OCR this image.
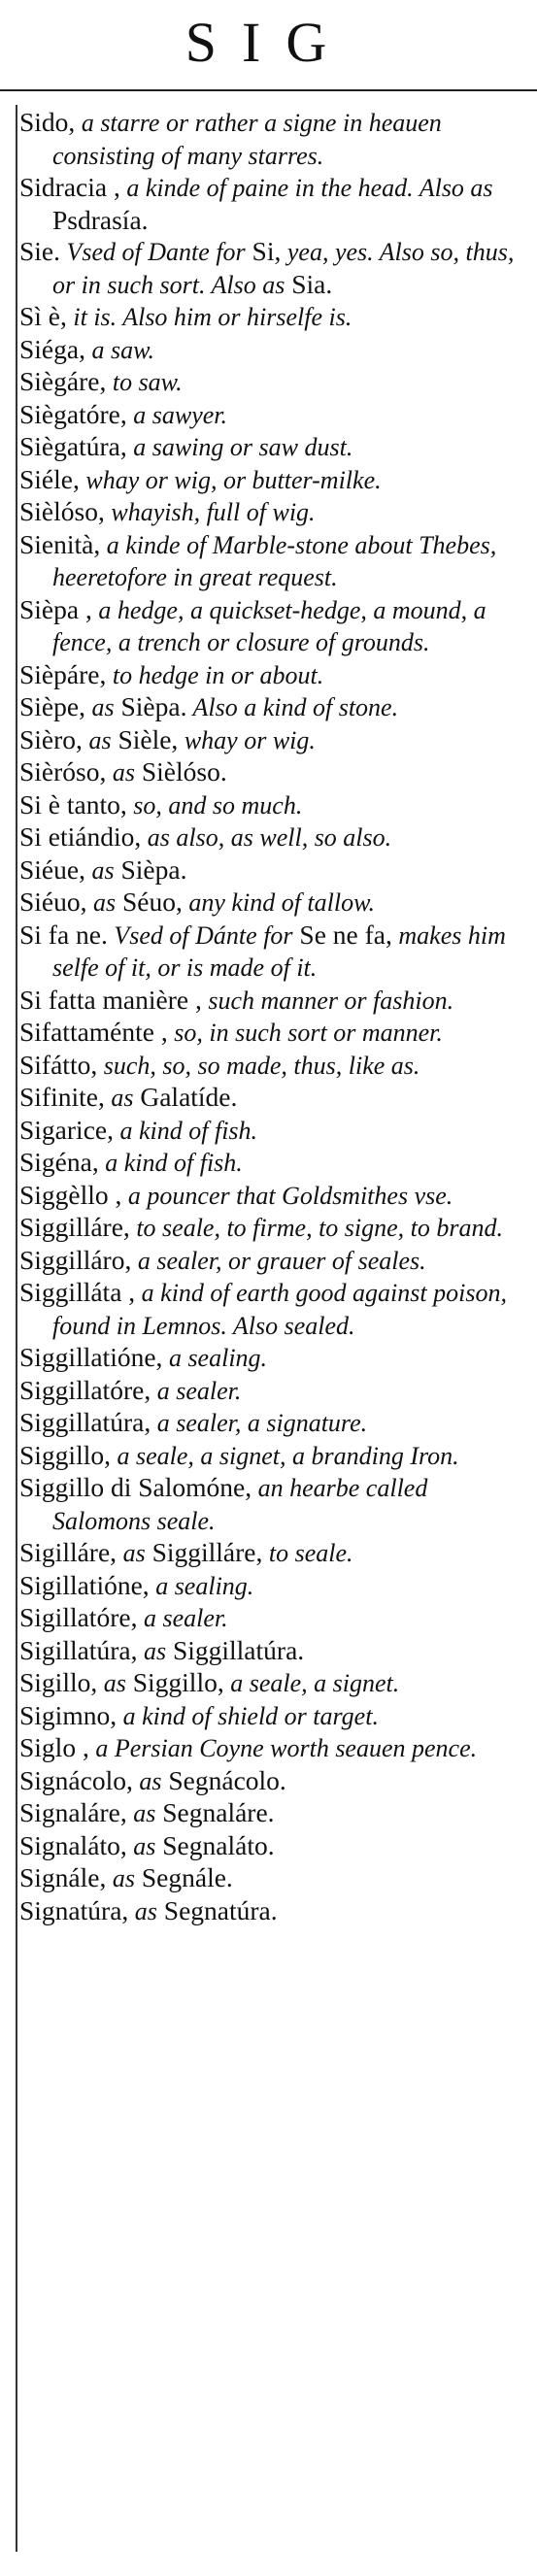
SIG
Sido, a starre or rather a signe in heauen consisting of many starres.
Sidracia , a kinde of paine in the head. Also as Psdrasía.
Sie. Vsed of Dante for Si, yea, yes. Also so, thus, or in such sort. Also as Sia.
Sì è, it is. Also him or hirselfe is.
Siéga, a saw.
Siègáre, to saw.
Siègatóre, a sawyer.
Siègatúra, a sawing or saw dust.
Siéle, whay or wig, or butter-milke.
Sièlóso, whayish, full of wig.
Sienità, a kinde of Marble-stone about Thebes, heeretofore in great request.
Sièpa , a hedge, a quickset-hedge, a mound, a fence, a trench or closure of grounds.
Sièpáre, to hedge in or about.
Sièpe, as Sièpa. Also a kind of stone.
Sièro, as Sièle, whay or wig.
Sièróso, as Sièlóso.
Si è tanto, so, and so much.
Si etiándio, as also, as well, so also.
Siéue, as Sièpa.
Siéuo, as Séuo, any kind of tallow.
Si fa ne. Vsed of Dánte for Se ne fa, makes him selfe of it, or is made of it.
Si fatta manière , such manner or fashion.
Sifattaménte , so, in such sort or manner.
Sifátto, such, so, so made, thus, like as.
Sifinite, as Galatíde.
Sigarice, a kind of fish.
Sigéna, a kind of fish.
Siggèllo , a pouncer that Goldsmithes vse.
Siggilláre, to seale, to firme, to signe, to brand.
Siggilláro, a sealer, or grauer of seales.
Siggilláta , a kind of earth good against poison, found in Lemnos. Also sealed.
Siggillatióne, a sealing.
Siggillatóre, a sealer.
Siggillatúra, a sealer, a signature.
Siggillo, a seale, a signet, a branding Iron.
Siggillo di Salomóne, an hearbe called Salomons seale.
Sigilláre, as Siggilláre, to seale.
Sigillatióne, a sealing.
Sigillatóre, a sealer.
Sigillatúra, as Siggillatúra.
Sigillo, as Siggillo, a seale, a signet.
Sigimno, a kind of shield or target.
Siglo , a Persian Coyne worth seauen pence.
Signácolo, as Segnácolo.
Signaláre, as Segnaláre.
Signaláto, as Segnaláto.
Signále, as Segnále.
Signatúra, as Segnatúra.
